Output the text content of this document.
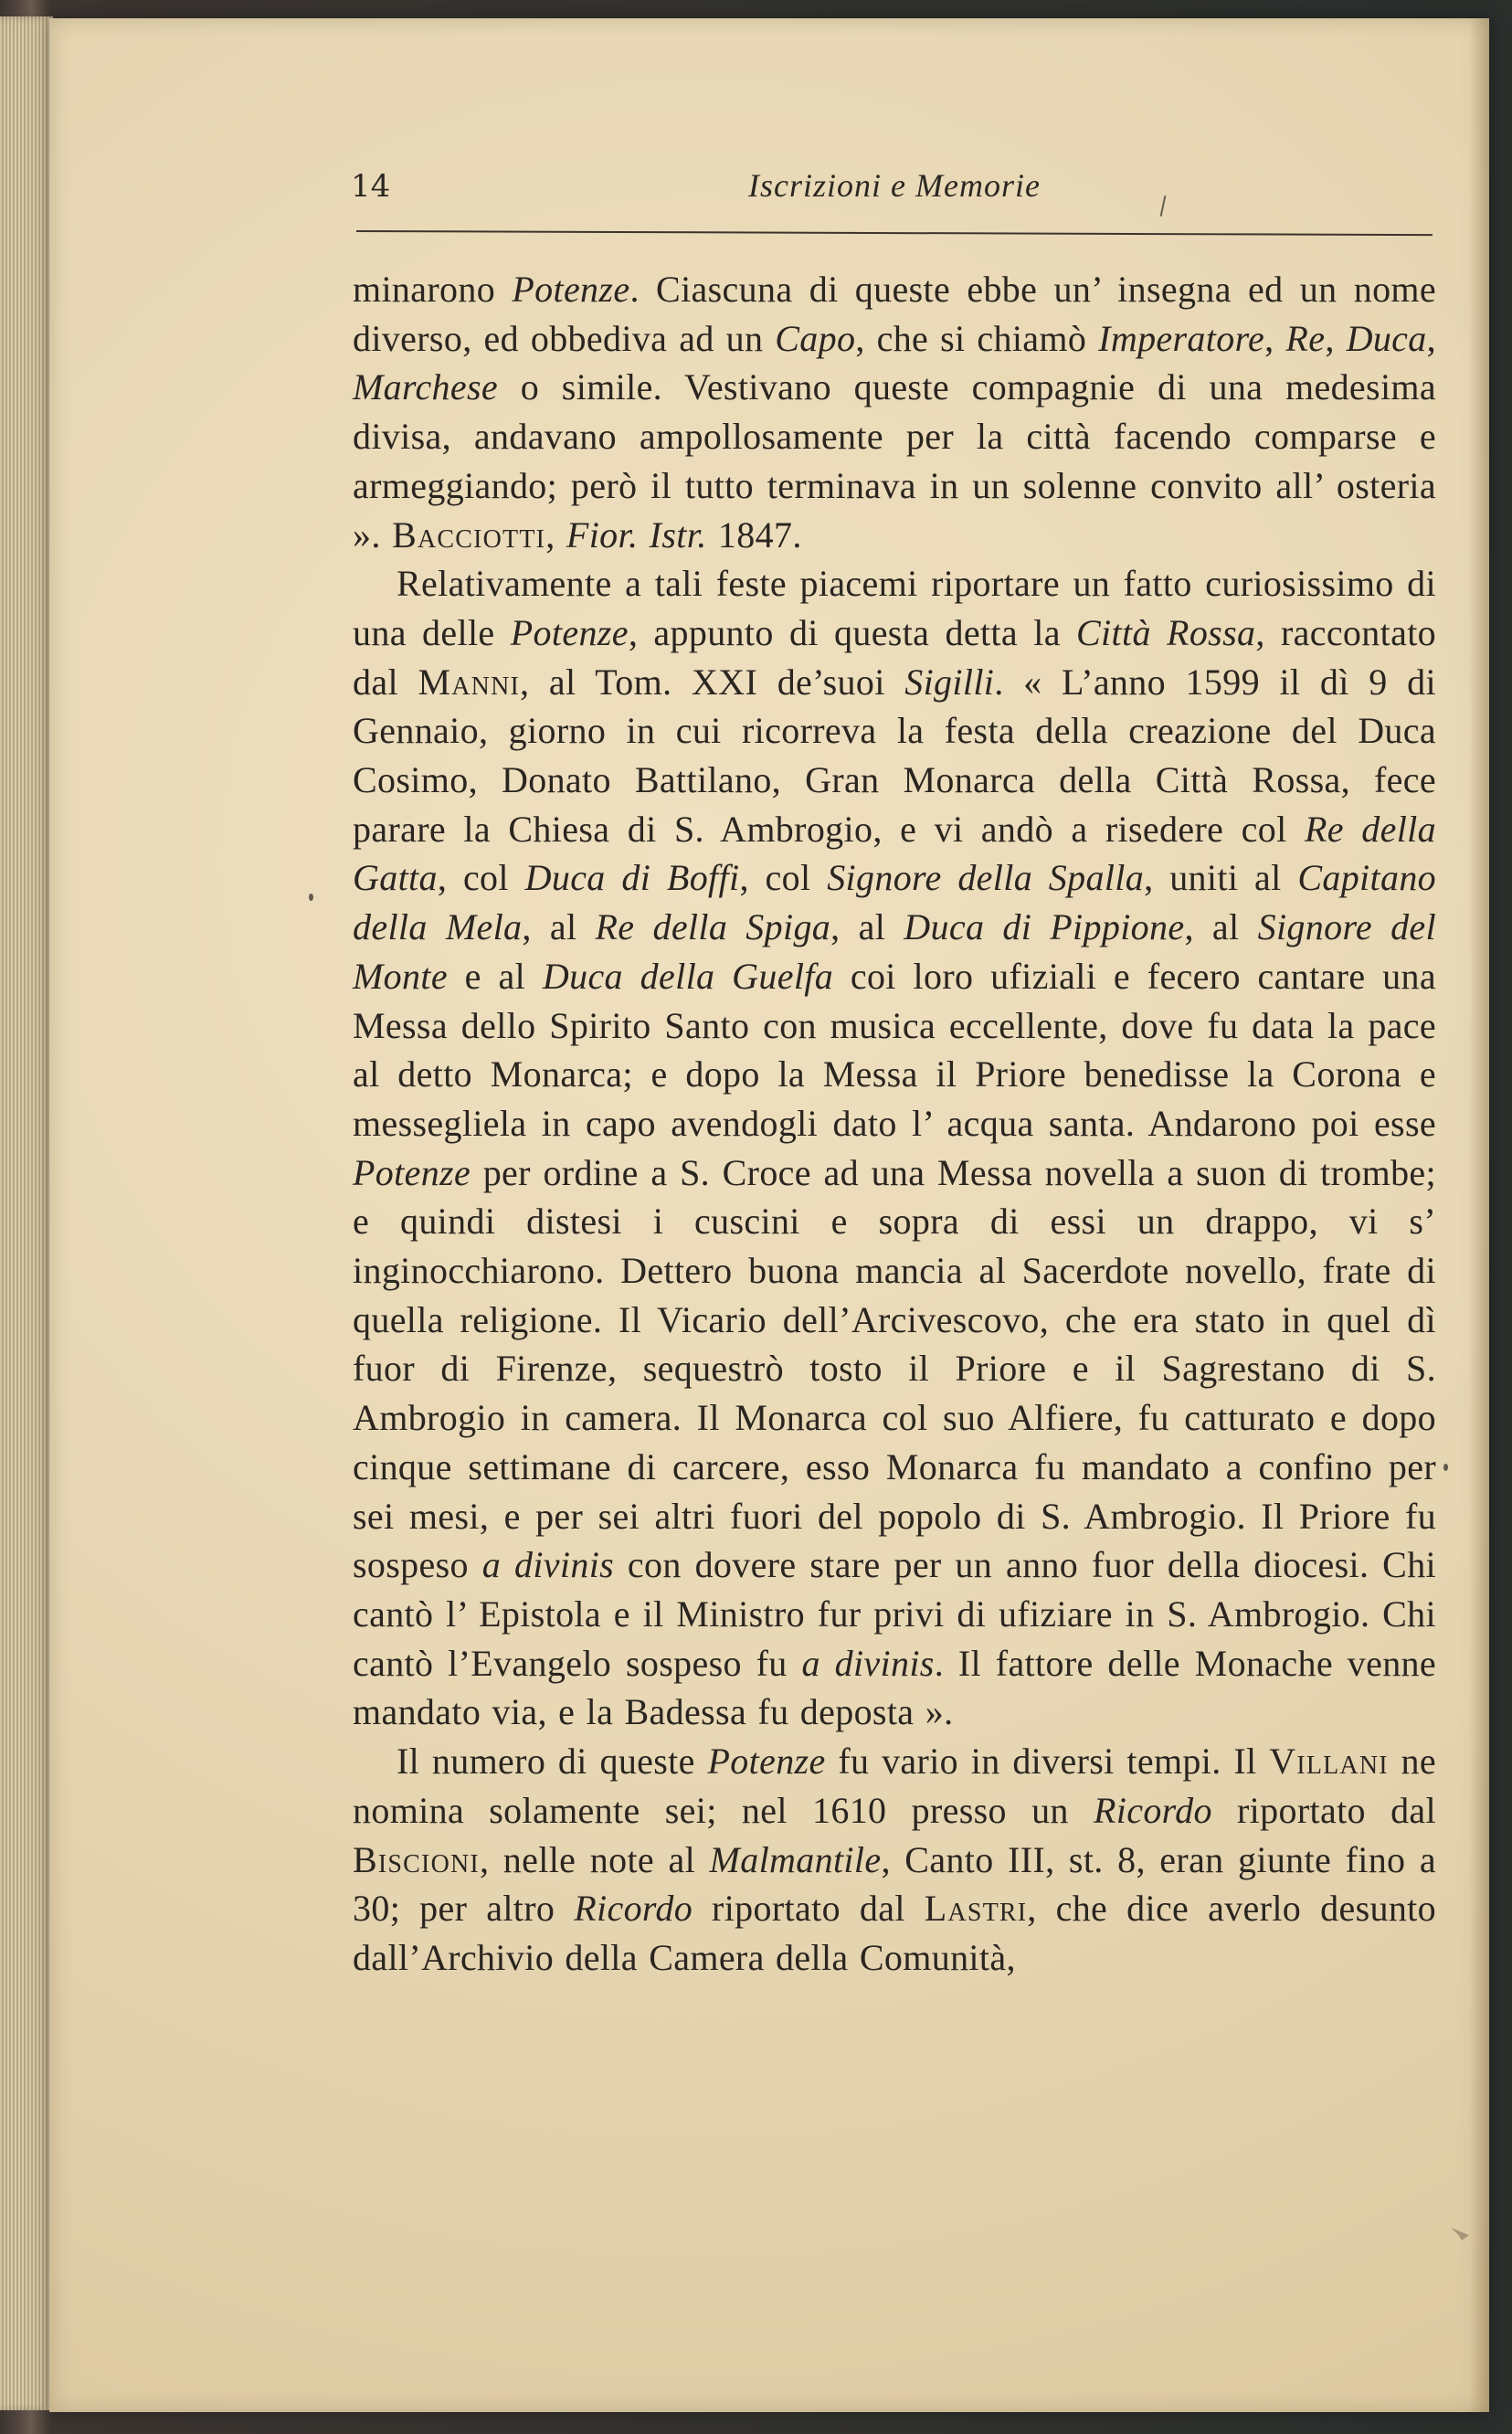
14	Iscrizioni e Memorie

minarono Potenze. Ciascuna di queste ebbe un’ insegna ed un nome diverso, ed obbediva ad un Capo, che si chiamò Imperatore, Re, Duca, Marchese o simile. Vestivano queste compagnie di una medesima divisa, andavano ampollosamente per la città facendo comparse e armeggiando; però il tutto terminava in un solenne convito all’ osteria ». Bacciotti, Fior. Istr. 1847.

Relativamente a tali feste piacemi riportare un fatto curiosissimo di una delle Potenze, appunto di questa detta la Città Rossa, raccontato dal Manni, al Tom. XXI de’suoi Sigilli. « L’anno 1599 il dì 9 di Gennaio, giorno in cui ricorreva la festa della creazione del Duca Cosimo, Donato Battilano, Gran Monarca della Città Rossa, fece parare la Chiesa di S. Ambrogio, e vi andò a risedere col Re della Gatta, col Duca di Boffi, col Signore della Spalla, uniti al Capitano della Mela, al Re della Spiga, al Duca di Pippione, al Signore del Monte e al Duca della Guelfa coi loro ufiziali e fecero cantare una Messa dello Spirito Santo con musica eccellente, dove fu data la pace al detto Monarca; e dopo la Messa il Priore benedisse la Corona e messegliela in capo avendogli dato l’ acqua santa. Andarono poi esse Potenze per ordine a S. Croce ad una Messa novella a suon di trombe; e quindi distesi i cuscini e sopra di essi un drappo, vi s’ inginocchiarono. Dettero buona mancia al Sacerdote novello, frate di quella religione. Il Vicario dell’Arcivescovo, che era stato in quel dì fuor di Firenze, sequestrò tosto il Priore e il Sagrestano di S. Ambrogio in camera. Il Monarca col suo Alfiere, fu catturato e dopo cinque settimane di carcere, esso Monarca fu mandato a confino per sei mesi, e per sei altri fuori del popolo di S. Ambrogio. Il Priore fu sospeso a divinis con dovere stare per un anno fuor della diocesi. Chi cantò l’ Epistola e il Ministro fur privi di ufiziare in S. Ambrogio. Chi cantò l’Evangelo sospeso fu a divinis. Il fattore delle Monache venne mandato via, e la Badessa fu deposta ».

Il numero di queste Potenze fu vario in diversi tempi. Il Villani ne nomina solamente sei; nel 1610 presso un Ricordo riportato dal Biscioni, nelle note al Malmantile, Canto III, st. 8, eran giunte fino a 30; per altro Ricordo riportato dal Lastri, che dice averlo desunto dall’Archivio della Camera della Comunità,
